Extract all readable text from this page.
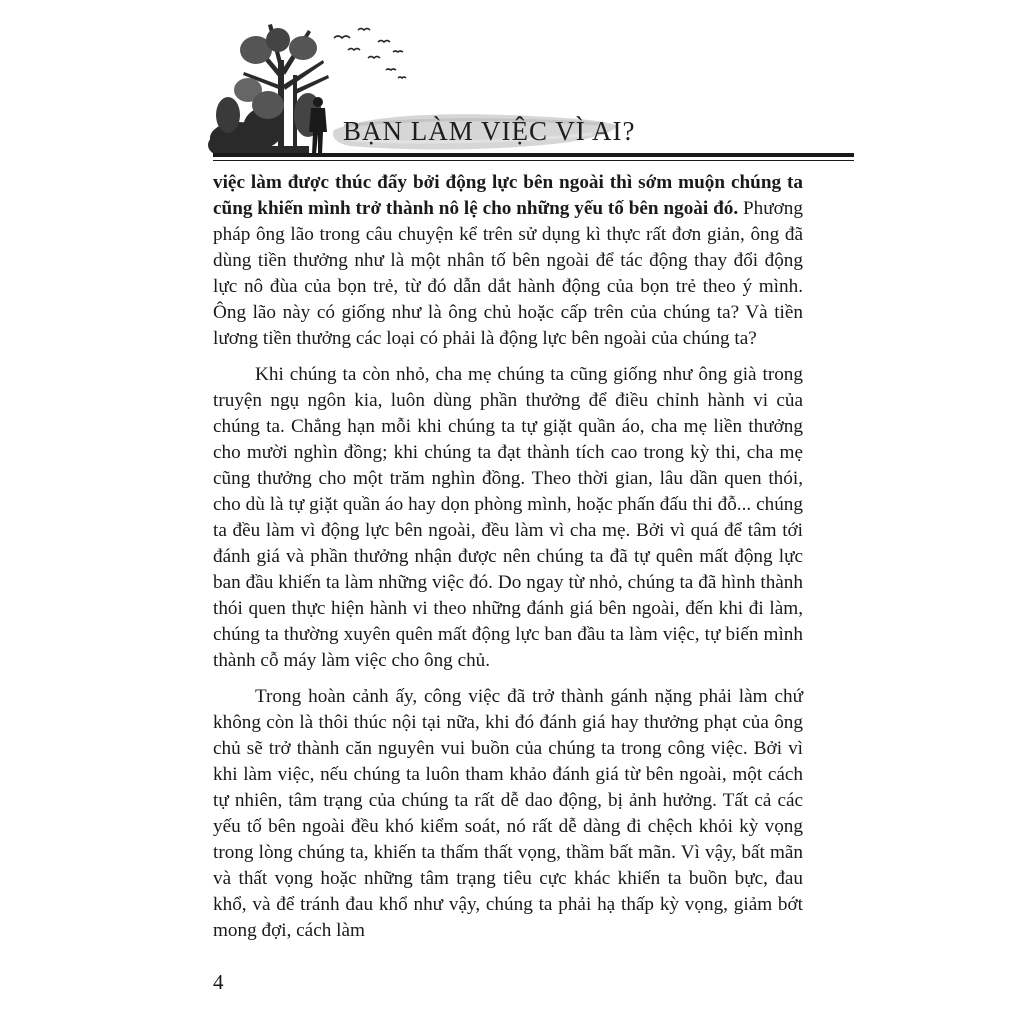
BẠN LÀM VIỆC VÌ AI?

việc làm được thúc đẩy bởi động lực bên ngoài thì sớm muộn chúng ta cũng khiến mình trở thành nô lệ cho những yếu tố bên ngoài đó. Phương pháp ông lão trong câu chuyện kể trên sử dụng kì thực rất đơn giản, ông đã dùng tiền thưởng như là một nhân tố bên ngoài để tác động thay đổi động lực nô đùa của bọn trẻ, từ đó dẫn dắt hành động của bọn trẻ theo ý mình. Ông lão này có giống như là ông chủ hoặc cấp trên của chúng ta? Và tiền lương tiền thưởng các loại có phải là động lực bên ngoài của chúng ta?

Khi chúng ta còn nhỏ, cha mẹ chúng ta cũng giống như ông già trong truyện ngụ ngôn kia, luôn dùng phần thưởng để điều chỉnh hành vi của chúng ta. Chẳng hạn mỗi khi chúng ta tự giặt quần áo, cha mẹ liền thưởng cho mười nghìn đồng; khi chúng ta đạt thành tích cao trong kỳ thi, cha mẹ cũng thưởng cho một trăm nghìn đồng. Theo thời gian, lâu dần quen thói, cho dù là tự giặt quần áo hay dọn phòng mình, hoặc phấn đấu thi đỗ... chúng ta đều làm vì động lực bên ngoài, đều làm vì cha mẹ. Bởi vì quá để tâm tới đánh giá và phần thưởng nhận được nên chúng ta đã tự quên mất động lực ban đầu khiến ta làm những việc đó. Do ngay từ nhỏ, chúng ta đã hình thành thói quen thực hiện hành vi theo những đánh giá bên ngoài, đến khi đi làm, chúng ta thường xuyên quên mất động lực ban đầu ta làm việc, tự biến mình thành cỗ máy làm việc cho ông chủ.

Trong hoàn cảnh ấy, công việc đã trở thành gánh nặng phải làm chứ không còn là thôi thúc nội tại nữa, khi đó đánh giá hay thưởng phạt của ông chủ sẽ trở thành căn nguyên vui buồn của chúng ta trong công việc. Bởi vì khi làm việc, nếu chúng ta luôn tham khảo đánh giá từ bên ngoài, một cách tự nhiên, tâm trạng của chúng ta rất dễ dao động, bị ảnh hưởng. Tất cả các yếu tố bên ngoài đều khó kiểm soát, nó rất dễ dàng đi chệch khỏi kỳ vọng trong lòng chúng ta, khiến ta thấm thất vọng, thầm bất mãn. Vì vậy, bất mãn và thất vọng hoặc những tâm trạng tiêu cực khác khiến ta buồn bực, đau khổ, và để tránh đau khổ như vậy, chúng ta phải hạ thấp kỳ vọng, giảm bớt mong đợi, cách làm

4
